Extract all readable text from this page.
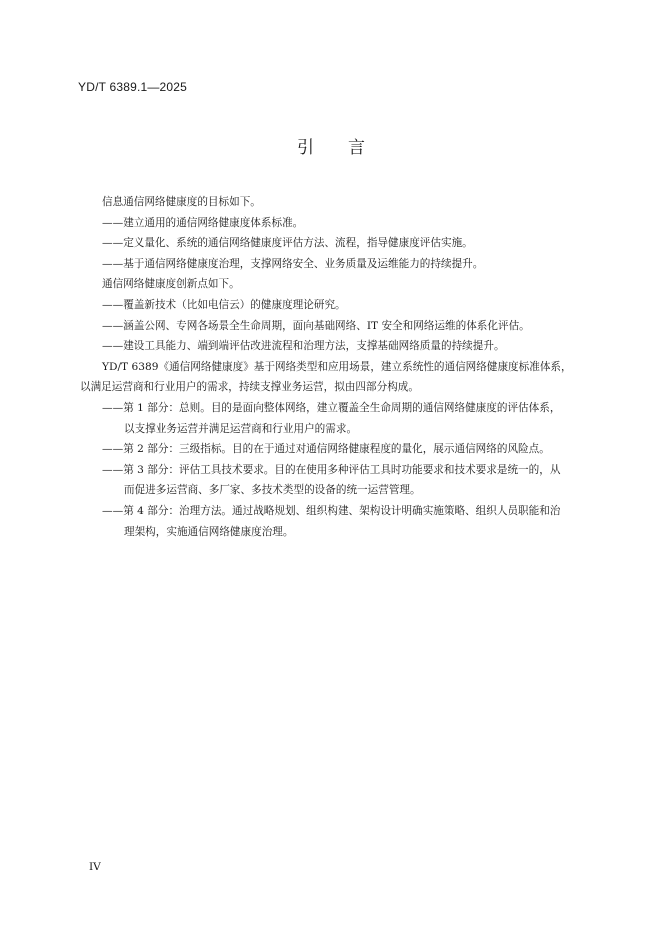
YD/T 6389.1—2025
引言
信息通信网络健康度的目标如下。
——建立通用的通信网络健康度体系标准。
——定义量化、系统的通信网络健康度评估方法、流程，指导健康度评估实施。
——基于通信网络健康度治理，支撑网络安全、业务质量及运维能力的持续提升。
通信网络健康度创新点如下。
——覆盖新技术（比如电信云）的健康度理论研究。
——涵盖公网、专网各场景全生命周期，面向基础网络、IT 安全和网络运维的体系化评估。
——建设工具能力、端到端评估改进流程和治理方法，支撑基础网络质量的持续提升。
YD/T 6389《通信网络健康度》基于网络类型和应用场景，建立系统性的通信网络健康度标准体系，
以满足运营商和行业用户的需求，持续支撑业务运营，拟由四部分构成。
——第 1 部分：总则。目的是面向整体网络，建立覆盖全生命周期的通信网络健康度的评估体系，
以支撑业务运营并满足运营商和行业用户的需求。
——第 2 部分：三级指标。目的在于通过对通信网络健康程度的量化，展示通信网络的风险点。
——第 3 部分：评估工具技术要求。目的在使用多种评估工具时功能要求和技术要求是统一的，从
而促进多运营商、多厂家、多技术类型的设备的统一运营管理。
——第 4 部分：治理方法。通过战略规划、组织构建、架构设计明确实施策略、组织人员职能和治
理架构，实施通信网络健康度治理。
IV
